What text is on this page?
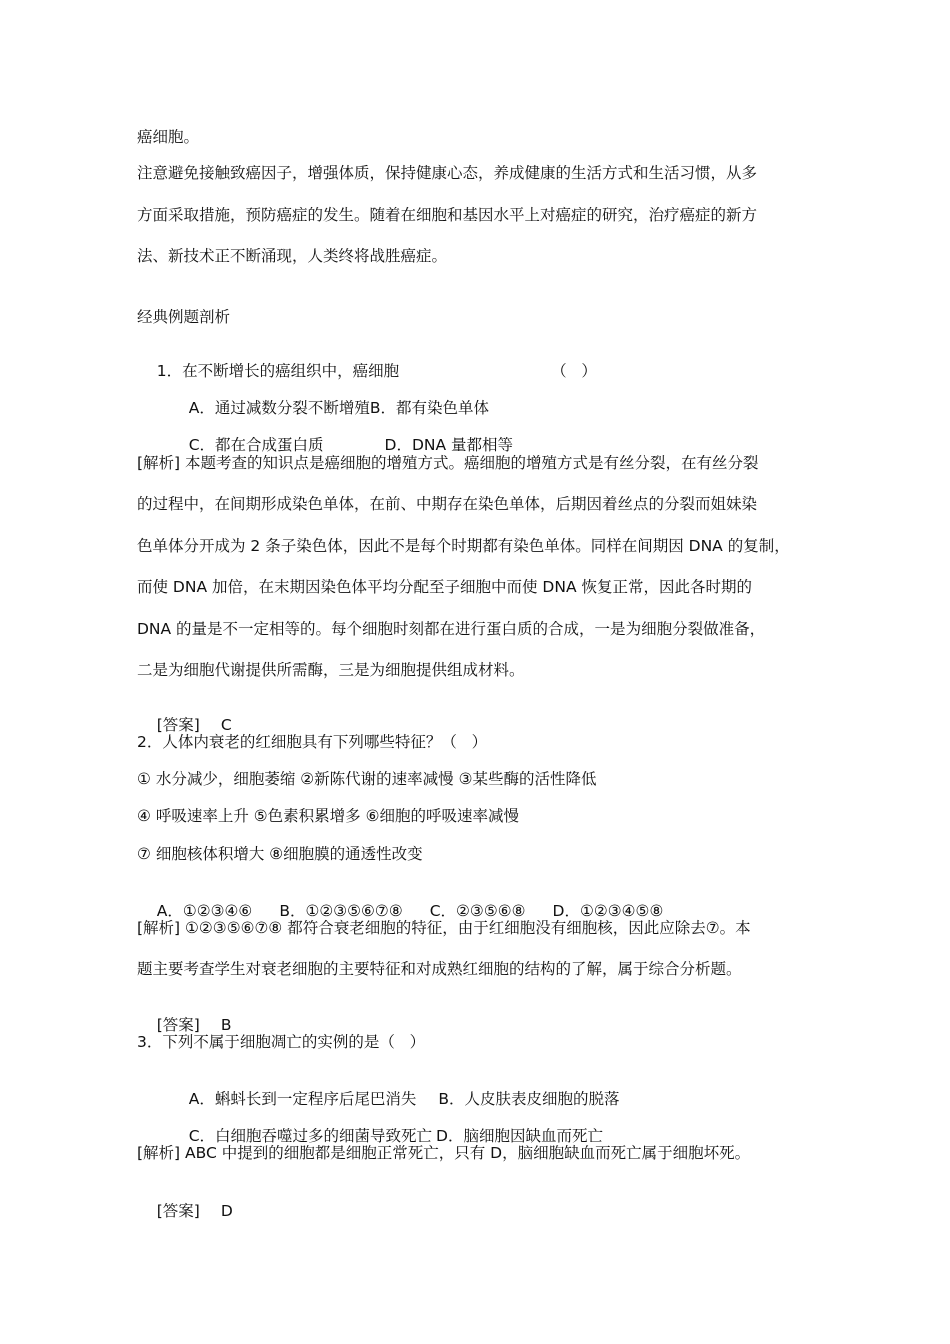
癌细胞。
注意避免接触致癌因子，增强体质，保持健康心态，养成健康的生活方式和生活习惯，从多
方面采取措施，预防癌症的发生。随着在细胞和基因水平上对癌症的研究，治疗癌症的新方
法、新技术正不断涌现，人类终将战胜癌症。
经典例题剖析

1．在不断增长的癌组织中，癌细胞	（   ）

A．通过减数分裂不断增殖B．都有染色单体

C．都在合成蛋白质	D．DNA 量都相等

[解析] 本题考查的知识点是癌细胞的增殖方式。癌细胞的增殖方式是有丝分裂，在有丝分裂
的过程中，在间期形成染色单体，在前、中期存在染色单体，后期因着丝点的分裂而姐妹染
色单体分开成为 2 条子染色体，因此不是每个时期都有染色单体。同样在间期因 DNA 的复制，
而使 DNA 加倍，在末期因染色体平均分配至子细胞中而使 DNA 恢复正常，因此各时期的
DNA 的量是不一定相等的。每个细胞时刻都在进行蛋白质的合成，一是为细胞分裂做准备，
二是为细胞代谢提供所需酶，三是为细胞提供组成材料。

[答案] C

2．人体内衰老的红细胞具有下列哪些特征？（   ）
① 水分减少，细胞萎缩 ②新陈代谢的速率减慢 ③某些酶的活性降低
④ 呼吸速率上升 ⑤色素积累增多 ⑥细胞的呼吸速率减慢
⑦ 细胞核体积增大 ⑧细胞膜的通透性改变

A．①②③④⑥ B．①②③⑤⑥⑦⑧ C．②③⑤⑥⑧ D．①②③④⑤⑧

[解析] ①②③⑤⑥⑦⑧ 都符合衰老细胞的特征，由于红细胞没有细胞核，因此应除去⑦。本
题主要考查学生对衰老细胞的主要特征和对成熟红细胞的结构的了解，属于综合分析题。

[答案] B

3．下列不属于细胞凋亡的实例的是（   ）

A．蝌蚪长到一定程序后尾巴消失 B．人皮肤表皮细胞的脱落

C．白细胞吞噬过多的细菌导致死亡 D．脑细胞因缺血而死亡

[解析] ABC 中提到的细胞都是细胞正常死亡，只有 D，脑细胞缺血而死亡属于细胞坏死。

[答案] D
